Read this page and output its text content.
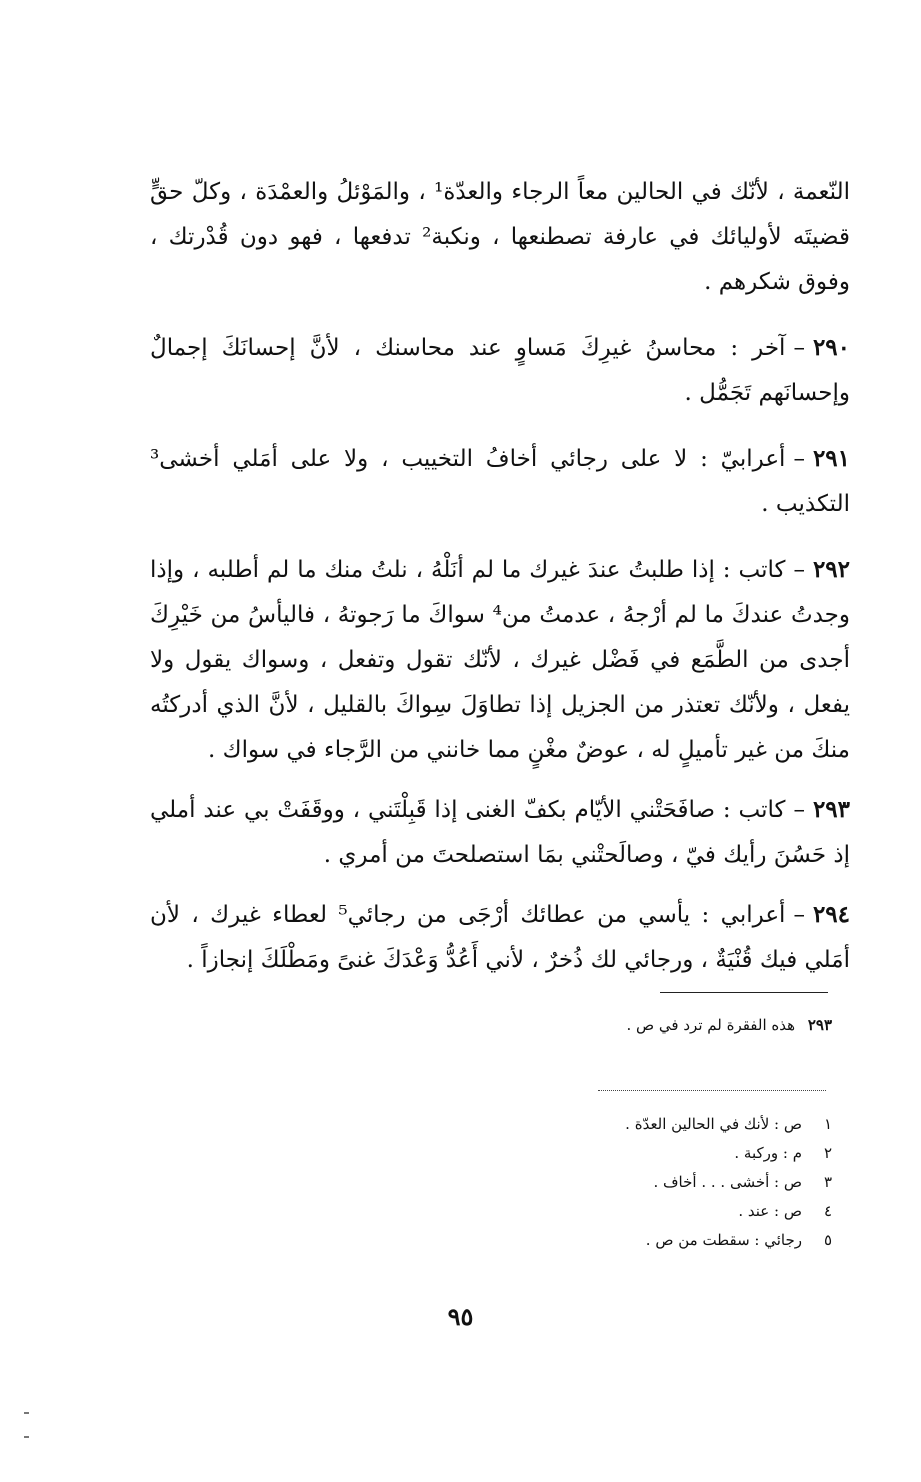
النّعمة ، لأنّك في الحالين معاً الرجاء والعدّة¹ ، والمَوْئلُ والعمْدَة ، وكلّ حقٍّ قضيتَه لأوليائك في عارفة تصطنعها ، ونكبة² تدفعها ، فهو دون قُدْرتك ، وفوق شكرهم .

٢٩٠–آخر : محاسنُ غيرِكَ مَساوٍ عند محاسنك ، لأنَّ إحسانَكَ إجمالٌ وإحسانَهم تَجَمُّل .

٢٩١–أعرابيّ : لا على رجائي أخافُ التخييب ، ولا على أمَلي أخشى³ التكذيب .

٢٩٢–كاتب : إذا طلبتُ عندَ غيرك ما لم أنَلْهُ ، نلتُ منك ما لم أطلبه ، وإذا وجدتُ عندكَ ما لم أرْجهُ ، عدمتُ من⁴ سواكَ ما رَجوتهُ ، فاليأسُ من خَيْرِكَ أجدى من الطَّمَع في فَضْل غيرك ، لأنّك تقول وتفعل ، وسواك يقول ولا يفعل ، ولأنّك تعتذر من الجزيل إذا تطاوَلَ سِواكَ بالقليل ، لأنَّ الذي أدركتُه منكَ من غير تأميلٍ له ، عوضٌ مغْنٍ مما خانني من الرَّجاء في سواك .

٢٩٣–كاتب : صافَحَتْني الأيّام بكفّ الغنى إذا قَبِلْتَني ، ووقَفَتْ بي عند أملي إذ حَسُنَ رأيك فيّ ، وصالَحتْني بمَا استصلحتَ من أمري .

٢٩٤–أعرابي : يأسي من عطائك أرْجَى من رجائي⁵ لعطاء غيرك ، لأن أمَلي فيك قُنْيَةٌ ، ورجائي لك ذُخرٌ ، لأني أَعُدُّ وَعْدَكَ غنىً ومَطْلَكَ إنجازاً .

٢٩٣ هذه الفقرة لم ترد في ص .
١ص : لأنك في الحالين العدّة .
٢م : وركبة .
٣ص : أخشى . . . أخاف .
٤ص : عند .
٥رجائي : سقطت من ص .
٩٥
